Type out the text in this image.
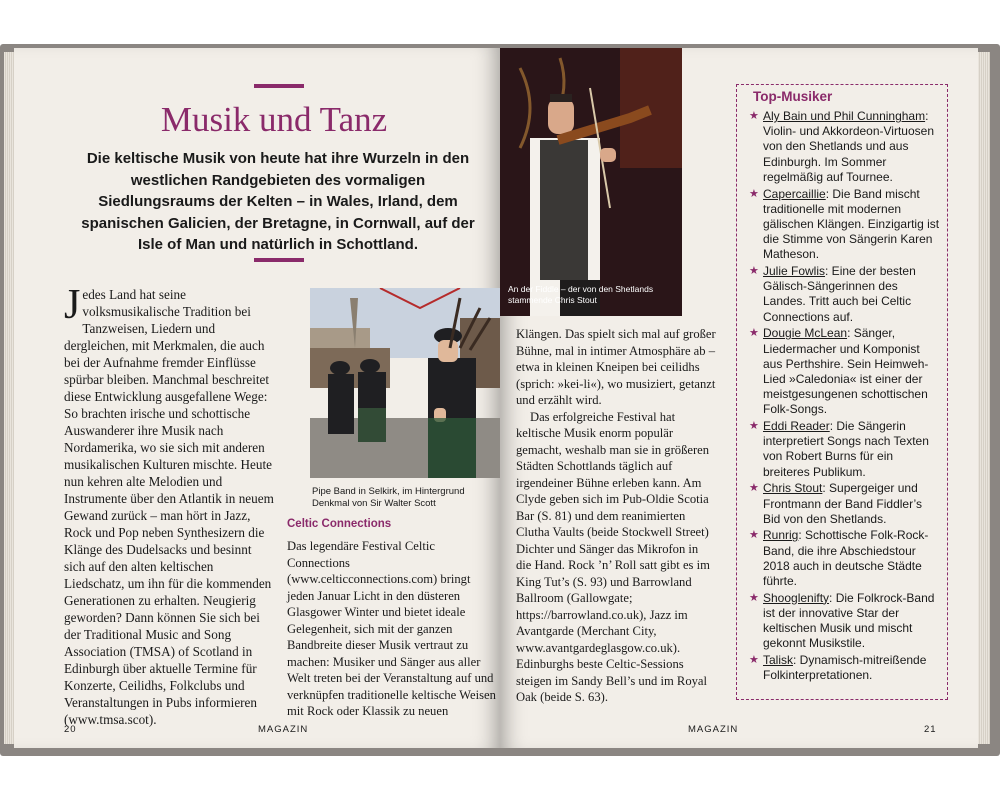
Musik und Tanz
Die keltische Musik von heute hat ihre Wurzeln in den westlichen Randgebieten des vormaligen Siedlungsraums der Kelten – in Wales, Irland, dem spanischen Galicien, der Bretagne, in Cornwall, auf der Isle of Man und natürlich in Schottland.
Jedes Land hat seine volksmusikalische Tradition bei Tanzweisen, Liedern und dergleichen, mit Merkmalen, die auch bei der Aufnahme fremder Einflüsse spürbar bleiben. Manchmal beschreitet diese Entwicklung ausgefallene Wege: So brachten irische und schottische Auswanderer ihre Musik nach Nordamerika, wo sie sich mit anderen musikalischen Kulturen mischte. Heute nun kehren alte Melodien und Instrumente über den Atlantik in neuem Gewand zurück – man hört in Jazz, Rock und Pop neben Synthesizern die Klänge des Dudelsacks und besinnt sich auf den alten keltischen Liedschatz, um ihn für die kommenden Generationen zu erhalten. Neugierig geworden? Dann können Sie sich bei der Traditional Music and Song Association (TMSA) of Scotland in Edinburgh über aktuelle Termine für Konzerte, Ceilidhs, Folkclubs und Veranstaltungen in Pubs informieren (www.tmsa.scot).
Pipe Band in Selkirk, im Hintergrund Denkmal von Sir Walter Scott
Celtic Connections
Das legendäre Festival Celtic Connections (www.celticconnections.com) bringt jeden Januar Licht in den düsteren Glasgower Winter und bietet ideale Gelegenheit, sich mit der ganzen Bandbreite dieser Musik vertraut zu machen: Musiker und Sänger aus aller Welt treten bei der Veranstaltung auf und verknüpfen traditionelle keltische Weisen mit Rock oder Klassik zu neuen
20	MAGAZIN
An der Fiddle – der von den Shetlands stammende Chris Stout

Klängen. Das spielt sich mal auf großer Bühne, mal in intimer Atmosphäre ab – etwa in kleinen Kneipen bei ceilidhs (sprich: »kei-li«), wo musiziert, getanzt und erzählt wird.

Das erfolgreiche Festival hat keltische Musik enorm populär gemacht, weshalb man sie in größeren Städten Schottlands täglich auf irgendeiner Bühne erleben kann. Am Clyde geben sich im Pub-Oldie Scotia Bar (S. 81) und dem reanimierten Clutha Vaults (beide Stockwell Street) Dichter und Sänger das Mikrofon in die Hand. Rock ’n’ Roll satt gibt es im King Tut’s (S. 93) und Barrowland Ballroom (Gallowgate; https://barrowland.co.uk), Jazz im Avantgarde (Merchant City, www.avantgardeglasgow.co.uk). Edinburghs beste Celtic-Sessions steigen im Sandy Bell’s und im Royal Oak (beide S. 63).

Top-Musiker
★ Aly Bain und Phil Cunningham: Violin- und Akkordeon-Virtuosen von den Shetlands und aus Edinburgh. Im Sommer regelmäßig auf Tournee.
★ Capercaillie: Die Band mischt traditionelle mit modernen gälischen Klängen. Einzigartig ist die Stimme von Sängerin Karen Matheson.
★ Julie Fowlis: Eine der besten Gälisch-Sängerinnen des Landes. Tritt auch bei Celtic Connections auf.
★ Dougie McLean: Sänger, Liedermacher und Komponist aus Perthshire. Sein Heimweh-Lied »Caledonia« ist einer der meistgesungenen schottischen Folk-Songs.
★ Eddi Reader: Die Sängerin interpretiert Songs nach Texten von Robert Burns für ein breiteres Publikum.
★ Chris Stout: Supergeiger und Frontmann der Band Fiddler’s Bid von den Shetlands.
★ Runrig: Schottische Folk-Rock-Band, die ihre Abschiedstour 2018 auch in deutsche Städte führte.
★ Shooglenifty: Die Folkrock-Band ist der innovative Star der keltischen Musik und mischt gekonnt Musikstile.
★ Talisk: Dynamisch-mitreißende Folkinterpretationen.
MAGAZIN	21
